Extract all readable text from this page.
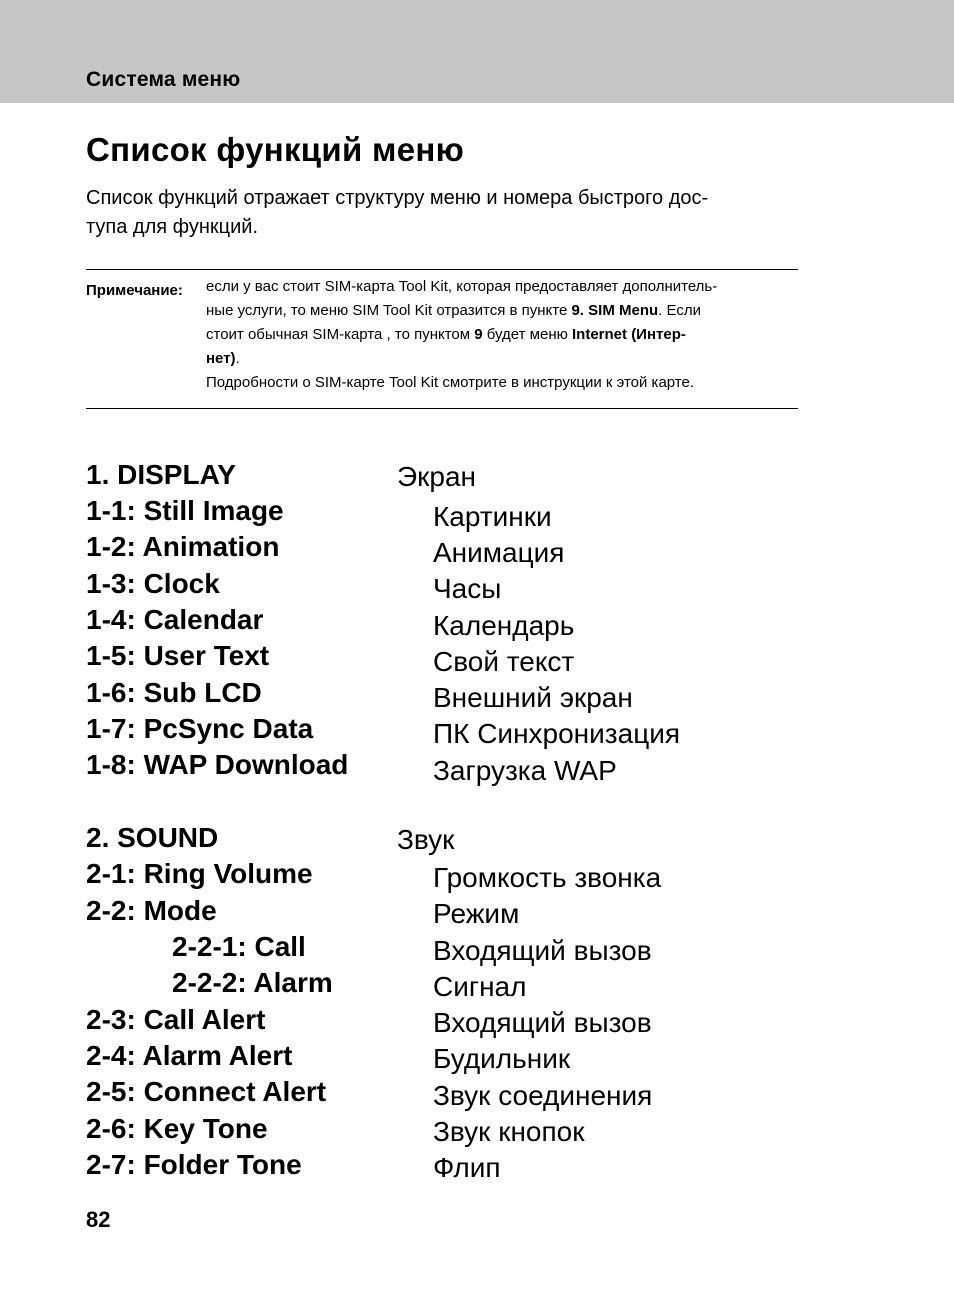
Система меню
Список функций меню

Список функций отражает структуру меню и номера быстрого дос-
тупа для функций.

Примечание: если у вас стоит SIM-карта Tool Kit, которая предоставляет дополнитель-
ные услуги, то меню SIM Tool Kit отразится в пункте 9. SIM Menu. Если
стоит обычная SIM-карта , то пунктом 9 будет меню Internet (Интер-
нет).
Подробности о SIM-карте Tool Kit смотрите в инструкции к этой карте.
1. DISPLAY	Экран
1-1: Still Image	Картинки
1-2: Animation	Анимация
1-3: Clock	Часы
1-4: Calendar	Календарь
1-5: User Text	Свой текст
1-6: Sub LCD	Внешний экран
1-7: PcSync Data	ПК Синхронизация
1-8: WAP Download	Загрузка WAP
2. SOUND	Звук
2-1: Ring Volume	Громкость звонка
2-2: Mode	Режим
2-2-1: Call	Входящий вызов
2-2-2: Alarm	Сигнал
2-3: Call Alert	Входящий вызов
2-4: Alarm Alert	Будильник
2-5: Connect Alert	Звук соединения
2-6: Key Tone	Звук кнопок
2-7: Folder Tone	Флип
82
